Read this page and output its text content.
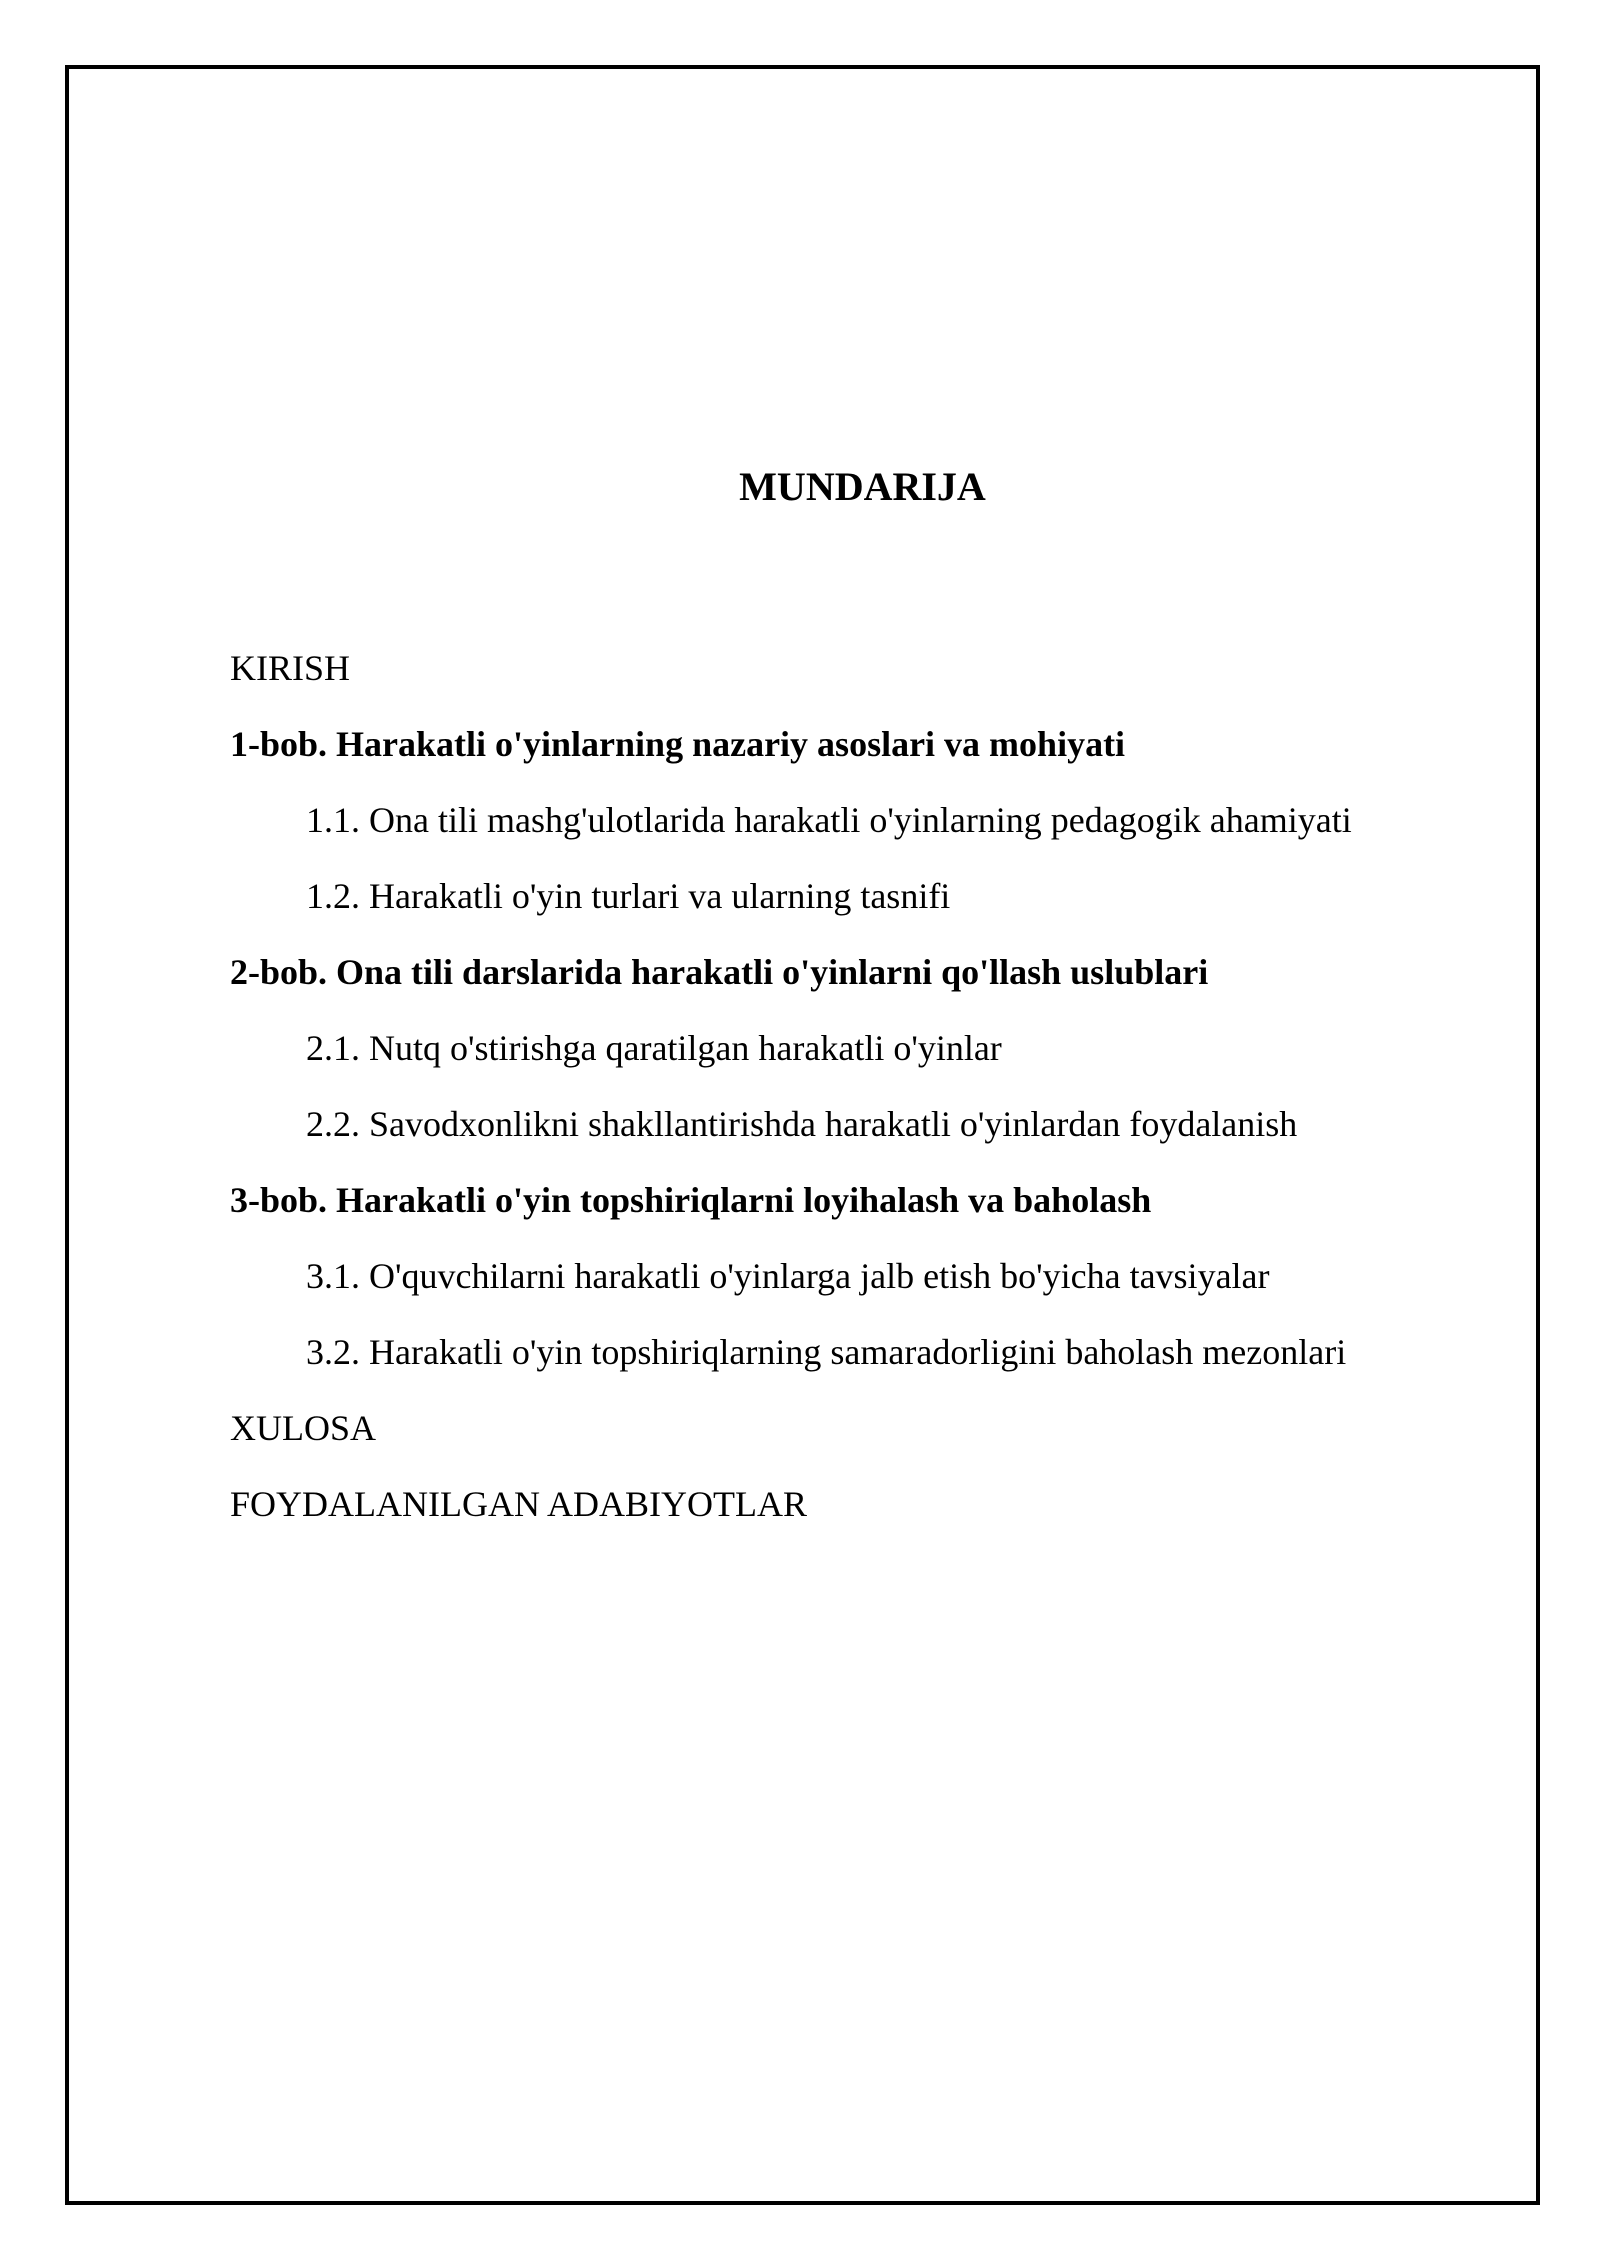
MUNDARIJA
KIRISH
1-bob. Harakatli o'yinlarning nazariy asoslari va mohiyati
1.1. Ona tili mashg'ulotlarida harakatli o'yinlarning pedagogik ahamiyati
1.2. Harakatli o'yin turlari va ularning tasnifi
2-bob. Ona tili darslarida harakatli o'yinlarni qo'llash uslublari
2.1. Nutq o'stirishga qaratilgan harakatli o'yinlar
2.2. Savodxonlikni shakllantirishda harakatli o'yinlardan foydalanish
3-bob. Harakatli o'yin topshiriqlarni loyihalash va baholash
3.1. O'quvchilarni harakatli o'yinlarga jalb etish bo'yicha tavsiyalar
3.2. Harakatli o'yin topshiriqlarning samaradorligini baholash mezonlari
XULOSA
FOYDALANILGAN ADABIYOTLAR
